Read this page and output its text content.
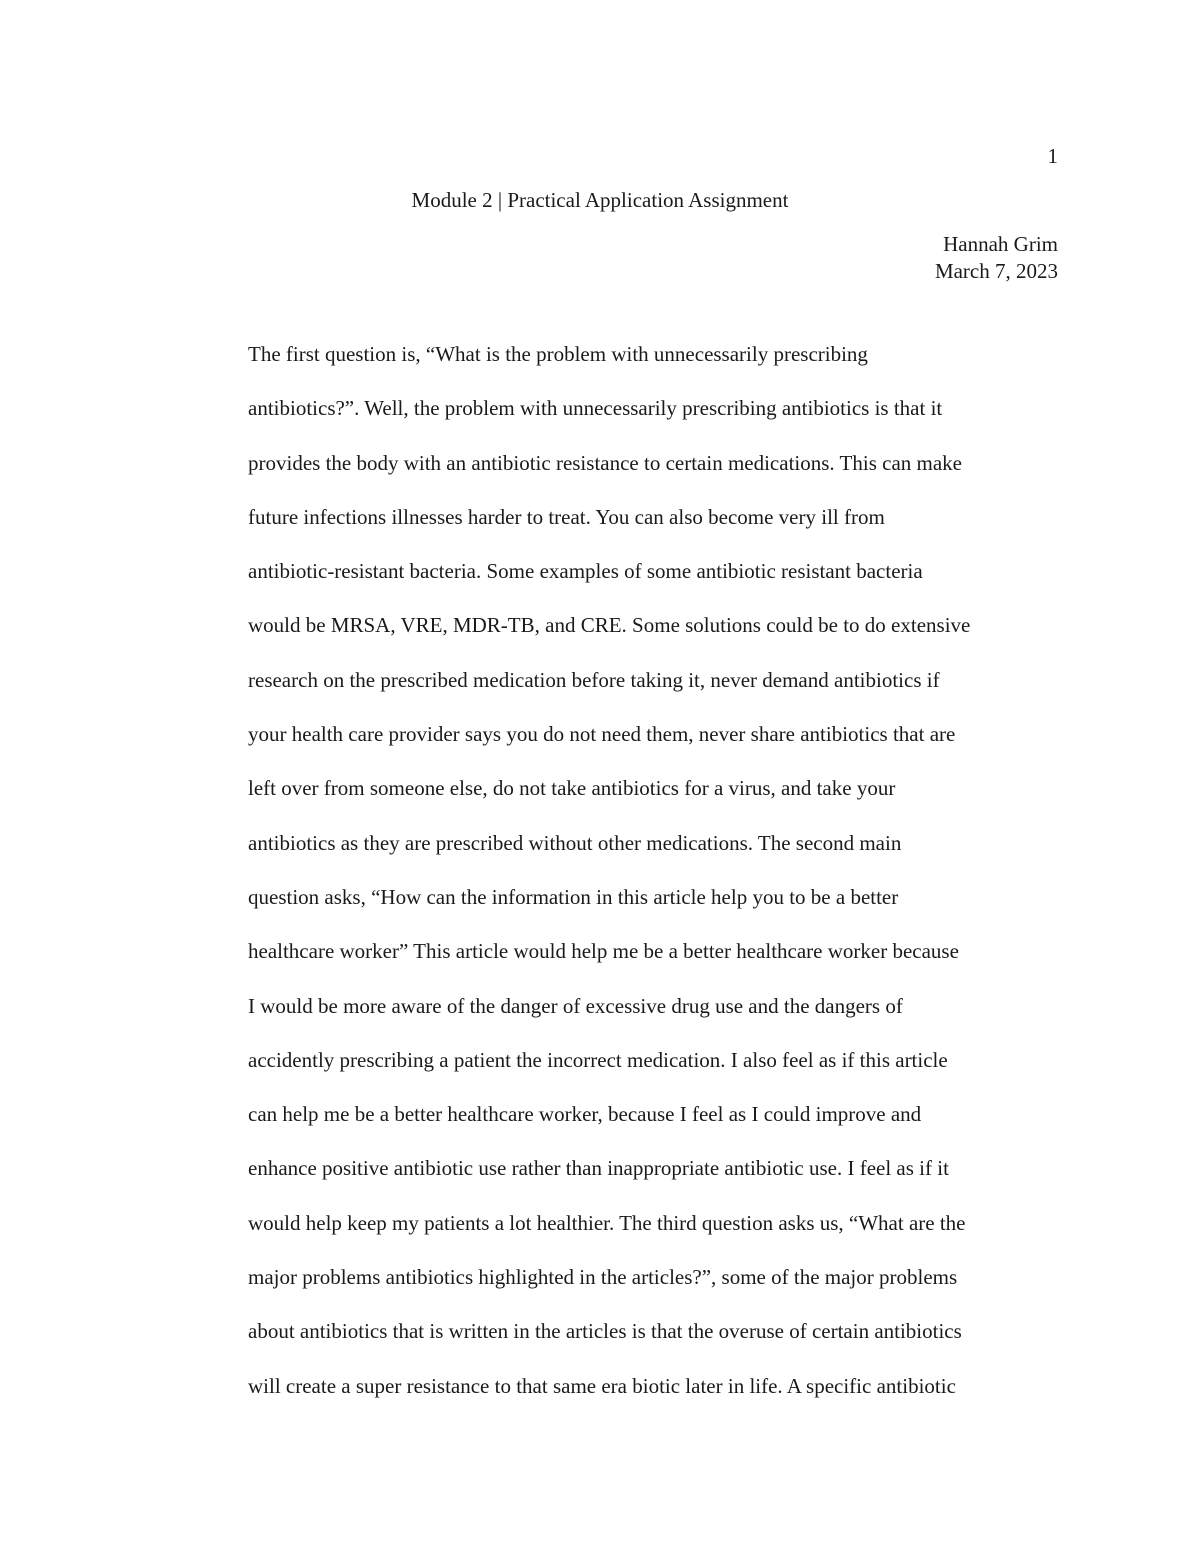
1
Module 2 | Practical Application Assignment
Hannah Grim
March 7, 2023
The first question is, “What is the problem with unnecessarily prescribing
antibiotics?”. Well, the problem with unnecessarily prescribing antibiotics is that it
provides the body with an antibiotic resistance to certain medications. This can make
future infections illnesses harder to treat. You can also become very ill from
antibiotic-resistant bacteria. Some examples of some antibiotic resistant bacteria
would be MRSA, VRE, MDR-TB, and CRE. Some solutions could be to do extensive
research on the prescribed medication before taking it, never demand antibiotics if
your health care provider says you do not need them, never share antibiotics that are
left over from someone else, do not take antibiotics for a virus, and take your
antibiotics as they are prescribed without other medications. The second main
question asks, “How can the information in this article help you to be a better
healthcare worker” This article would help me be a better healthcare worker because
I would be more aware of the danger of excessive drug use and the dangers of
accidently prescribing a patient the incorrect medication. I also feel as if this article
can help me be a better healthcare worker, because I feel as I could improve and
enhance positive antibiotic use rather than inappropriate antibiotic use. I feel as if it
would help keep my patients a lot healthier. The third question asks us, “What are the
major problems antibiotics highlighted in the articles?”, some of the major problems
about antibiotics that is written in the articles is that the overuse of certain antibiotics
will create a super resistance to that same era biotic later in life. A specific antibiotic
